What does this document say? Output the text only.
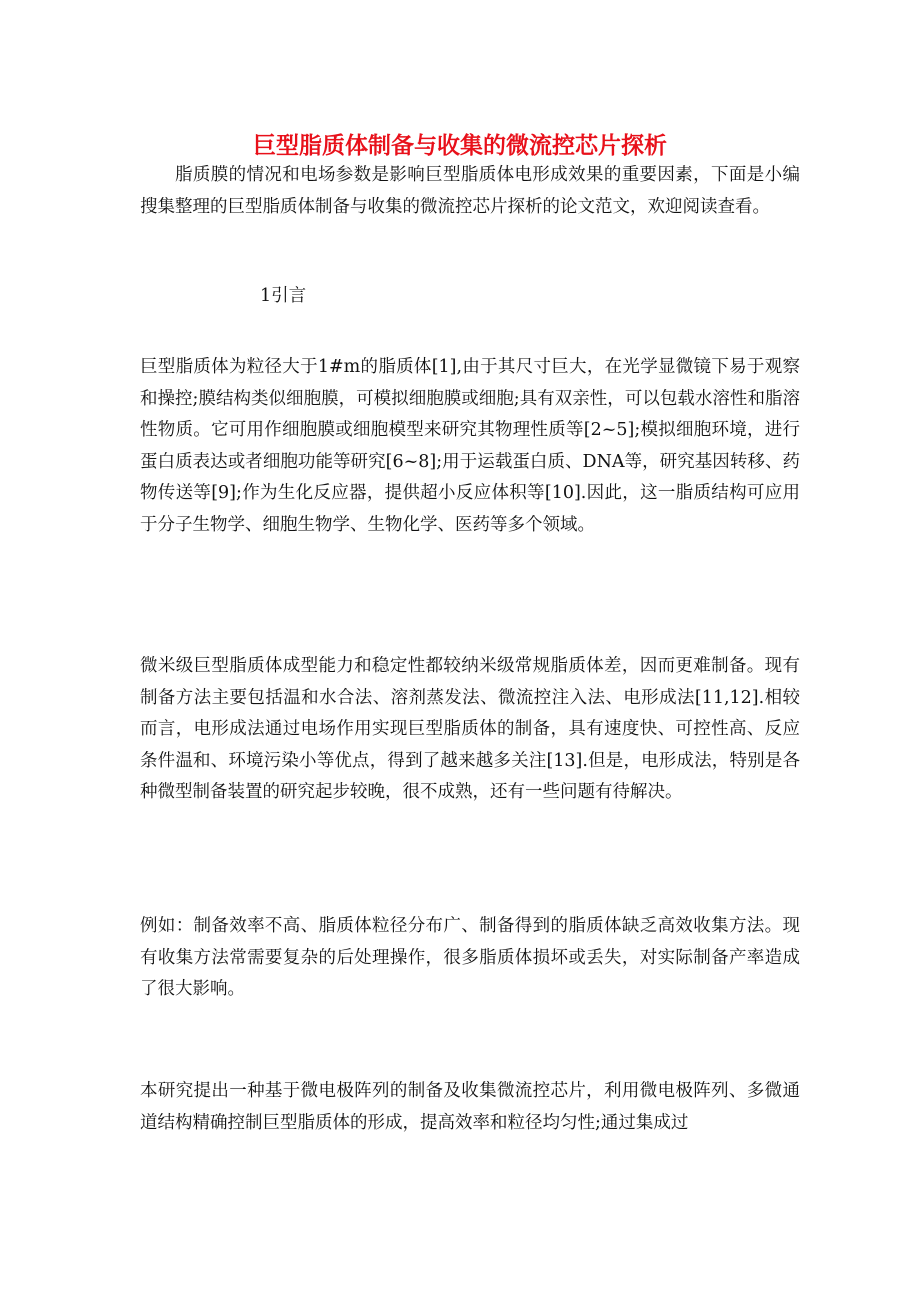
巨型脂质体制备与收集的微流控芯片探析

脂质膜的情况和电场参数是影响巨型脂质体电形成效果的重要因素，下面是小编搜集整理的巨型脂质体制备与收集的微流控芯片探析的论文范文，欢迎阅读查看。

1引言

巨型脂质体为粒径大于1#m的脂质体[1],由于其尺寸巨大，在光学显微镜下易于观察和操控;膜结构类似细胞膜，可模拟细胞膜或细胞;具有双亲性，可以包载水溶性和脂溶性物质。它可用作细胞膜或细胞模型来研究其物理性质等[2~5];模拟细胞环境，进行蛋白质表达或者细胞功能等研究[6~8];用于运载蛋白质、DNA等，研究基因转移、药物传送等[9];作为生化反应器，提供超小反应体积等[10].因此，这一脂质结构可应用于分子生物学、细胞生物学、生物化学、医药等多个领域。

微米级巨型脂质体成型能力和稳定性都较纳米级常规脂质体差，因而更难制备。现有制备方法主要包括温和水合法、溶剂蒸发法、微流控注入法、电形成法[11,12].相较而言，电形成法通过电场作用实现巨型脂质体的制备，具有速度快、可控性高、反应条件温和、环境污染小等优点，得到了越来越多关注[13].但是，电形成法，特别是各种微型制备装置的研究起步较晚，很不成熟，还有一些问题有待解决。

例如：制备效率不高、脂质体粒径分布广、制备得到的脂质体缺乏高效收集方法。现有收集方法常需要复杂的后处理操作，很多脂质体损坏或丢失，对实际制备产率造成了很大影响。

本研究提出一种基于微电极阵列的制备及收集微流控芯片，利用微电极阵列、多微通道结构精确控制巨型脂质体的形成，提高效率和粒径均匀性;通过集成过
